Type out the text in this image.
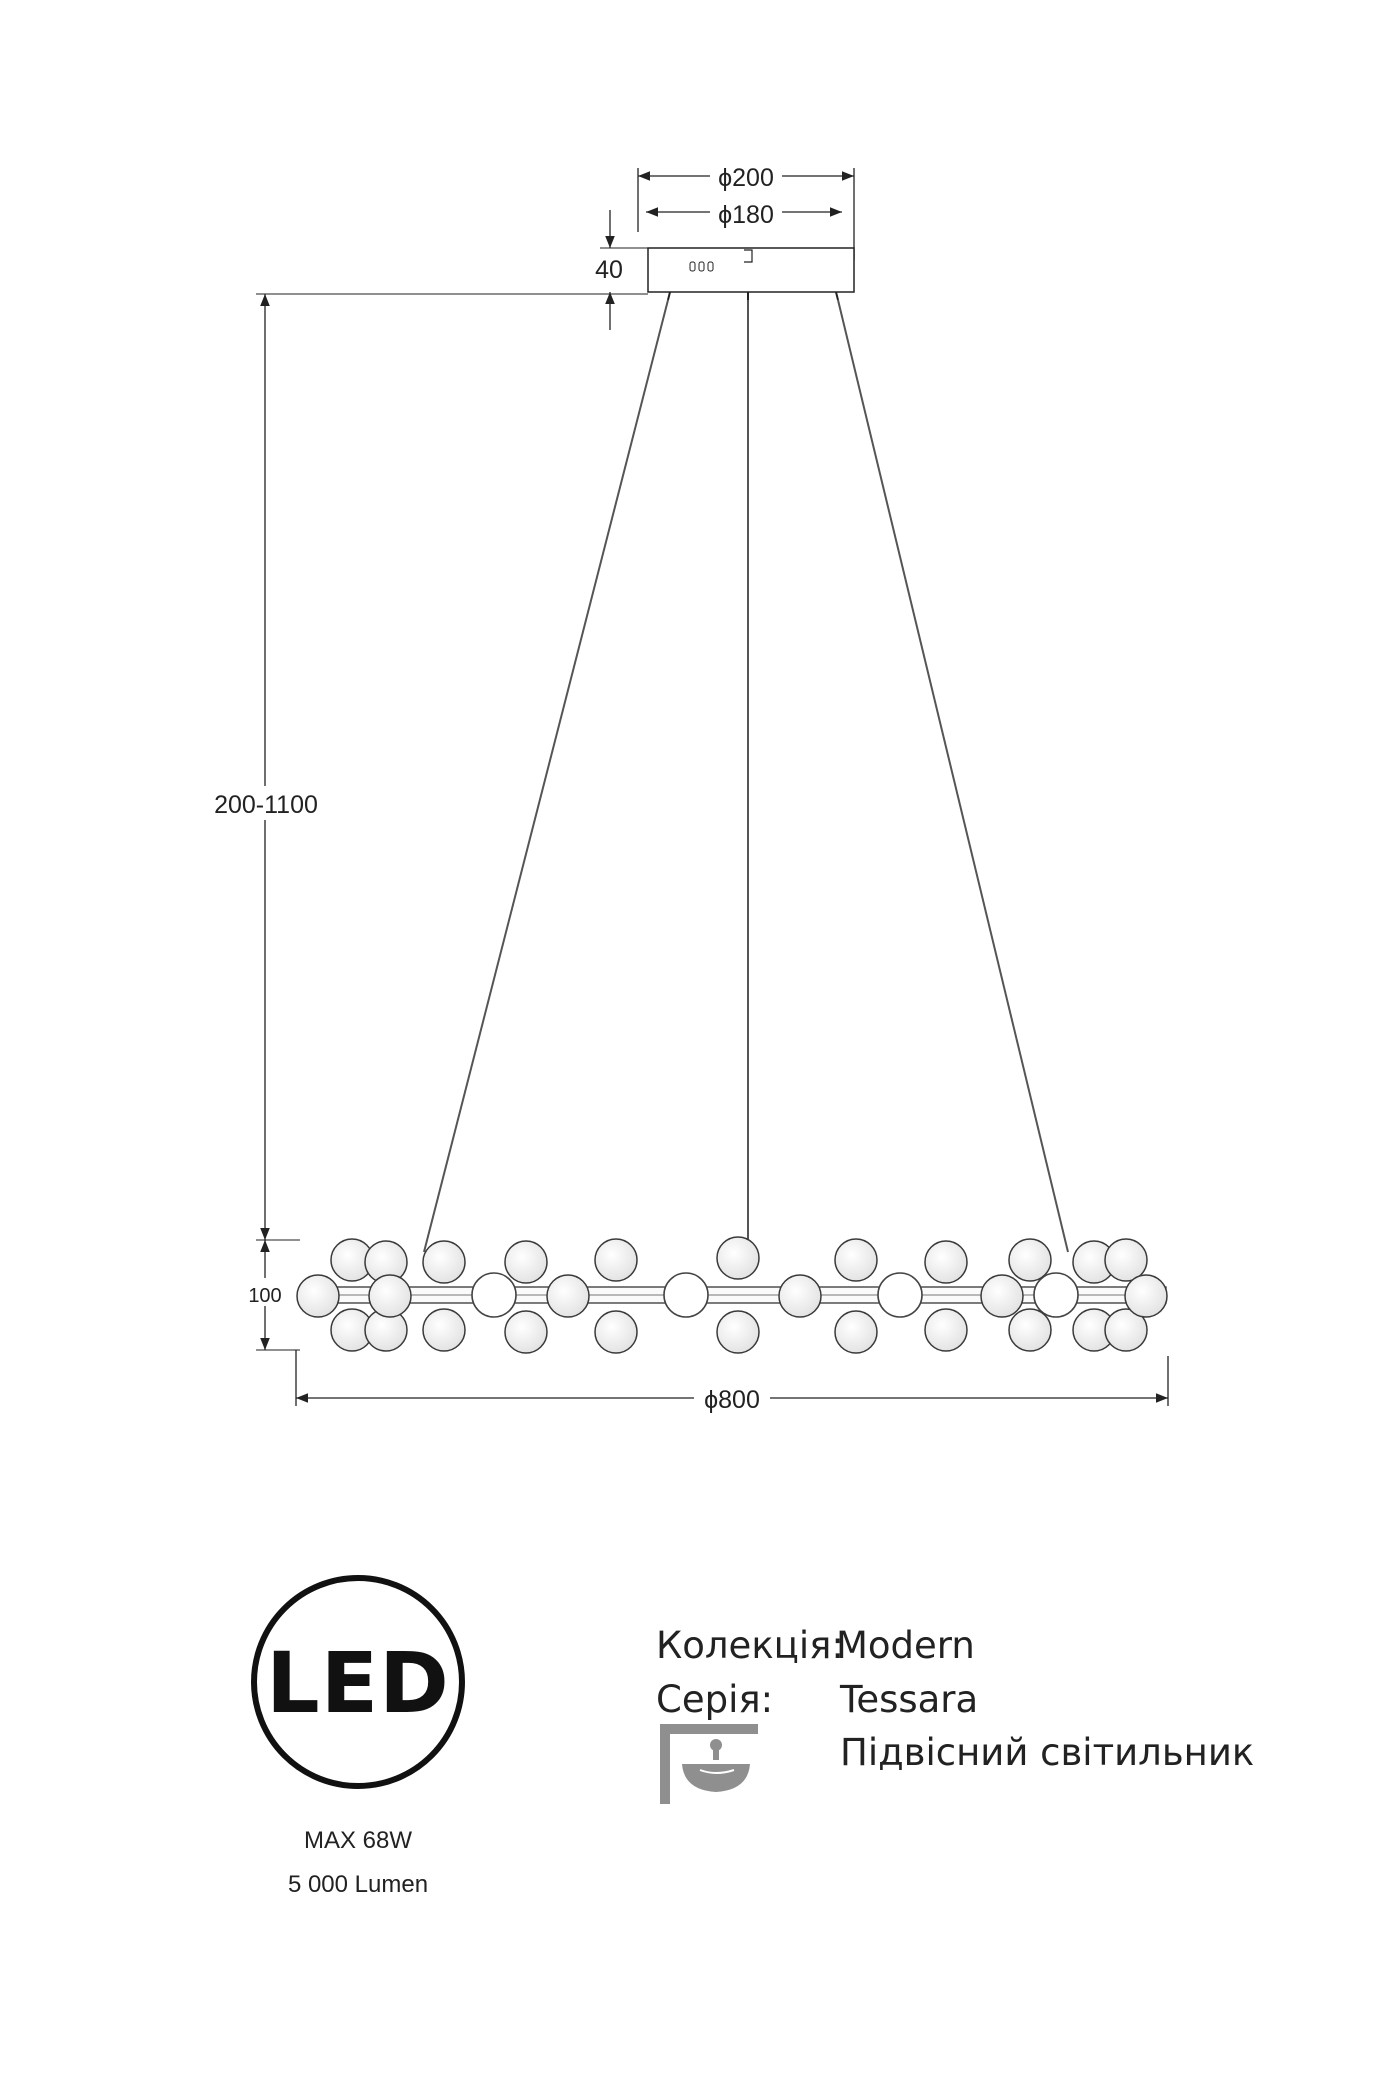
ϕ200
ϕ180
40
200-1100
100
ϕ800
LED
MAX 68W
5 000 Lumen
Колекція:
Modern
Серія: Tessara
Підвісний світильник
